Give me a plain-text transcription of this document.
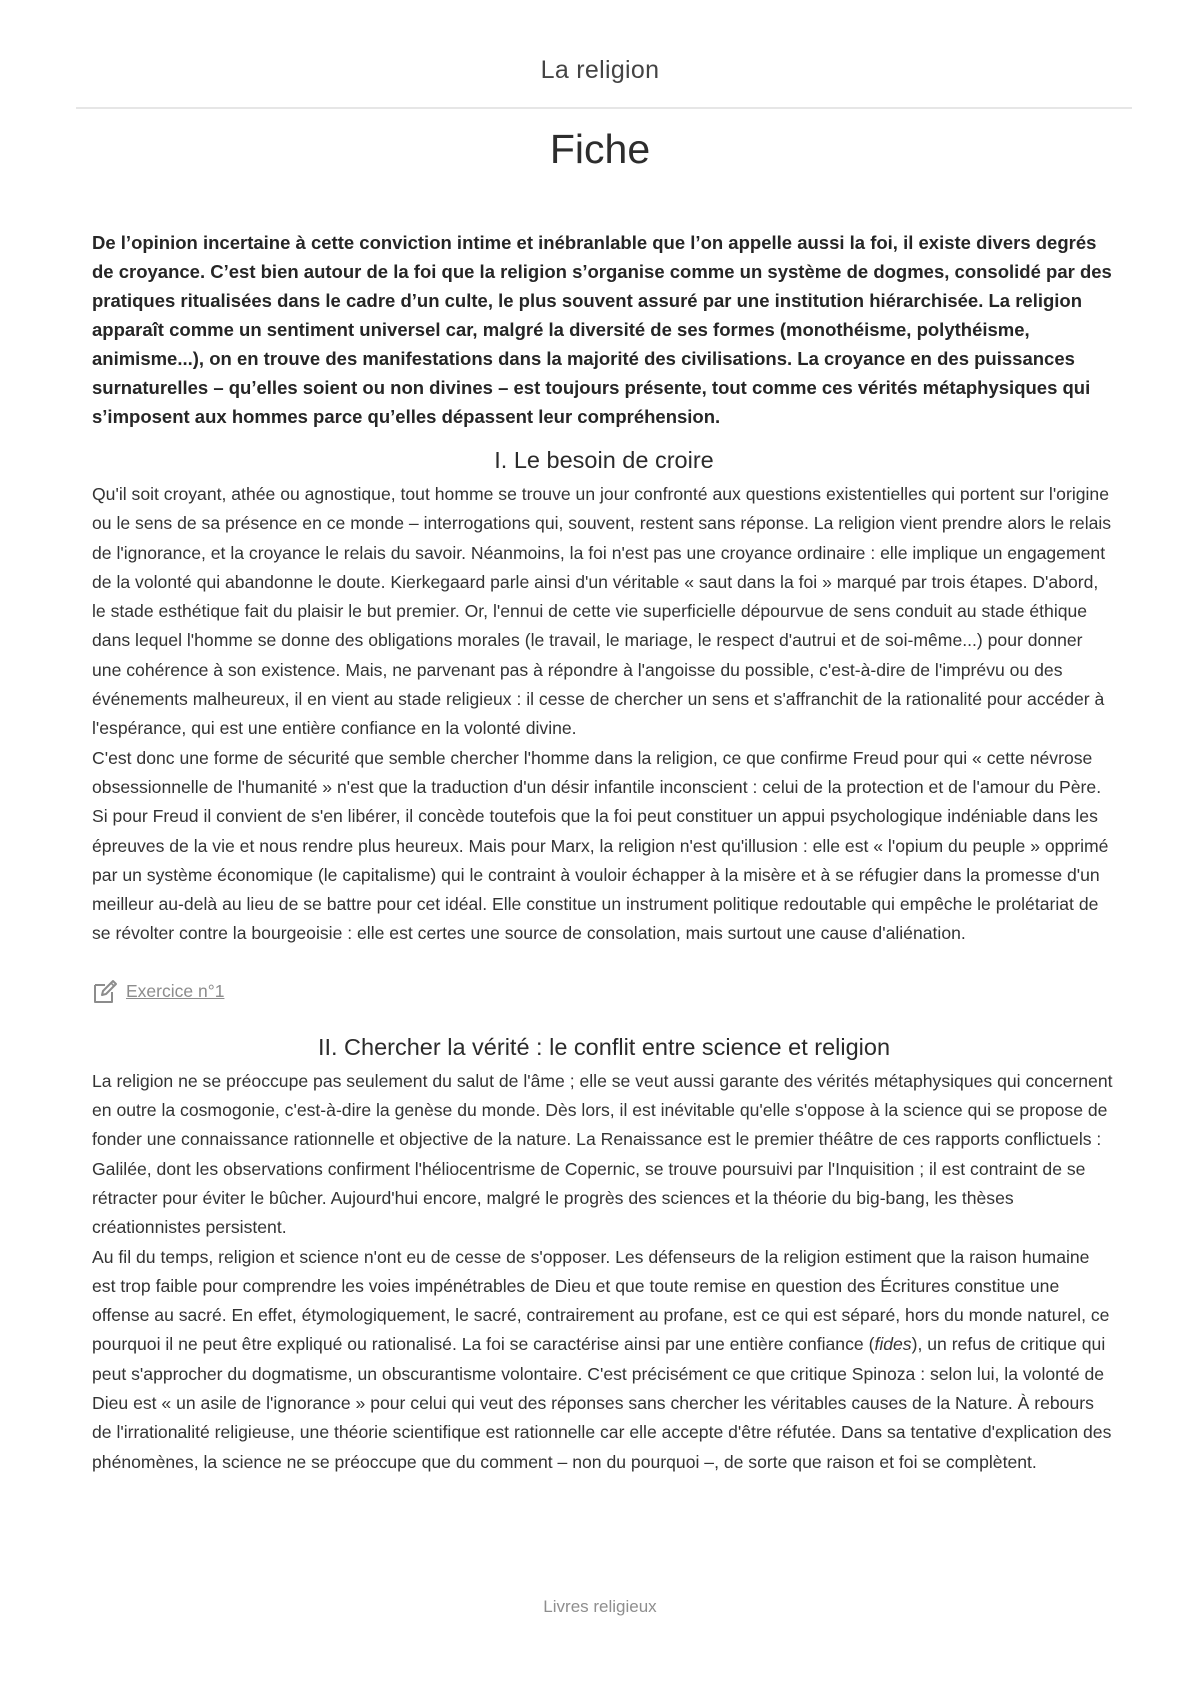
La religion
Fiche

De l’opinion incertaine à cette conviction intime et inébranlable que l’on appelle aussi la foi, il existe divers degrés de croyance. C’est bien autour de la foi que la religion s’organise comme un système de dogmes, consolidé par des pratiques ritualisées dans le cadre d’un culte, le plus souvent assuré par une institution hiérarchisée. La religion apparaît comme un sentiment universel car, malgré la diversité de ses formes (monothéisme, polythéisme, animisme...), on en trouve des manifestations dans la majorité des civilisations. La croyance en des puissances surnaturelles – qu’elles soient ou non divines – est toujours présente, tout comme ces vérités métaphysiques qui s’imposent aux hommes parce qu’elles dépassent leur compréhension.

I. Le besoin de croire

Qu'il soit croyant, athée ou agnostique, tout homme se trouve un jour confronté aux questions existentielles qui portent sur l'origine ou le sens de sa présence en ce monde – interrogations qui, souvent, restent sans réponse. La religion vient prendre alors le relais de l'ignorance, et la croyance le relais du savoir. Néanmoins, la foi n'est pas une croyance ordinaire : elle implique un engagement de la volonté qui abandonne le doute. Kierkegaard parle ainsi d'un véritable « saut dans la foi » marqué par trois étapes. D'abord, le stade esthétique fait du plaisir le but premier. Or, l'ennui de cette vie superficielle dépourvue de sens conduit au stade éthique dans lequel l'homme se donne des obligations morales (le travail, le mariage, le respect d'autrui et de soi-même...) pour donner une cohérence à son existence. Mais, ne parvenant pas à répondre à l'angoisse du possible, c'est-à-dire de l'imprévu ou des événements malheureux, il en vient au stade religieux : il cesse de chercher un sens et s'affranchit de la rationalité pour accéder à l'espérance, qui est une entière confiance en la volonté divine.

C'est donc une forme de sécurité que semble chercher l'homme dans la religion, ce que confirme Freud pour qui « cette névrose obsessionnelle de l'humanité » n'est que la traduction d'un désir infantile inconscient : celui de la protection et de l'amour du Père. Si pour Freud il convient de s'en libérer, il concède toutefois que la foi peut constituer un appui psychologique indéniable dans les épreuves de la vie et nous rendre plus heureux. Mais pour Marx, la religion n'est qu'illusion : elle est « l'opium du peuple » opprimé par un système économique (le capitalisme) qui le contraint à vouloir échapper à la misère et à se réfugier dans la promesse d'un meilleur au-delà au lieu de se battre pour cet idéal. Elle constitue un instrument politique redoutable qui empêche le prolétariat de se révolter contre la bourgeoisie : elle est certes une source de consolation, mais surtout une cause d'aliénation.

Exercice n°1
II. Chercher la vérité : le conflit entre science et religion

La religion ne se préoccupe pas seulement du salut de l'âme ; elle se veut aussi garante des vérités métaphysiques qui concernent en outre la cosmogonie, c'est-à-dire la genèse du monde. Dès lors, il est inévitable qu'elle s'oppose à la science qui se propose de fonder une connaissance rationnelle et objective de la nature. La Renaissance est le premier théâtre de ces rapports conflictuels : Galilée, dont les observations confirment l'héliocentrisme de Copernic, se trouve poursuivi par l'Inquisition ; il est contraint de se rétracter pour éviter le bûcher. Aujourd'hui encore, malgré le progrès des sciences et la théorie du big-bang, les thèses créationnistes persistent.

Au fil du temps, religion et science n'ont eu de cesse de s'opposer. Les défenseurs de la religion estiment que la raison humaine est trop faible pour comprendre les voies impénétrables de Dieu et que toute remise en question des Écritures constitue une offense au sacré. En effet, étymologiquement, le sacré, contrairement au profane, est ce qui est séparé, hors du monde naturel, ce pourquoi il ne peut être expliqué ou rationalisé. La foi se caractérise ainsi par une entière confiance (fides), un refus de critique qui peut s'approcher du dogmatisme, un obscurantisme volontaire. C'est précisément ce que critique Spinoza : selon lui, la volonté de Dieu est « un asile de l'ignorance » pour celui qui veut des réponses sans chercher les véritables causes de la Nature. À rebours de l'irrationalité religieuse, une théorie scientifique est rationnelle car elle accepte d'être réfutée. Dans sa tentative d'explication des phénomènes, la science ne se préoccupe que du comment – non du pourquoi –, de sorte que raison et foi se complètent.

Livres religieux
